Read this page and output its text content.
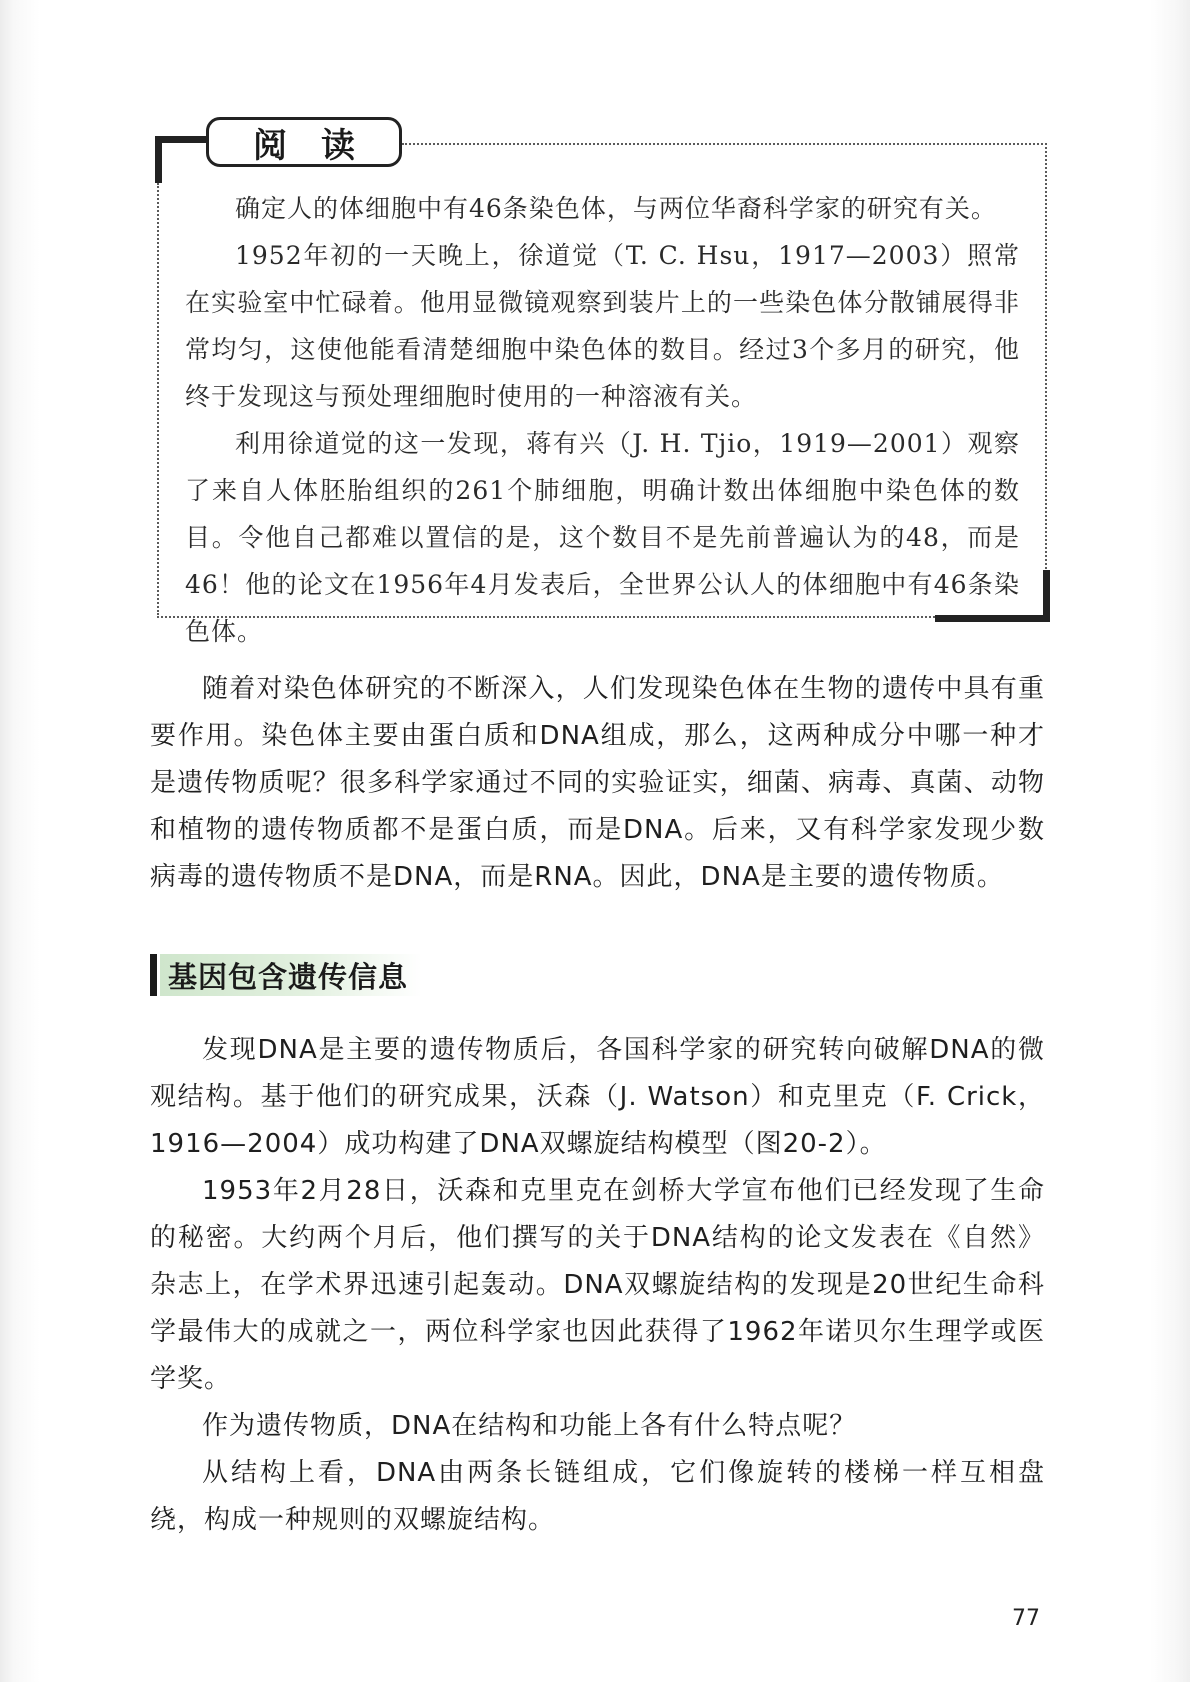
阅读

确定人的体细胞中有46条染色体，与两位华裔科学家的研究有关。

1952年初的一天晚上，徐道觉（T. C. Hsu，1917—2003）照常在实验室中忙碌着。他用显微镜观察到装片上的一些染色体分散铺展得非常均匀，这使他能看清楚细胞中染色体的数目。经过3个多月的研究，他终于发现这与预处理细胞时使用的一种溶液有关。

利用徐道觉的这一发现，蒋有兴（J. H. Tjio，1919—2001）观察了来自人体胚胎组织的261个肺细胞，明确计数出体细胞中染色体的数目。令他自己都难以置信的是，这个数目不是先前普遍认为的48，而是46！他的论文在1956年4月发表后，全世界公认人的体细胞中有46条染色体。

随着对染色体研究的不断深入，人们发现染色体在生物的遗传中具有重要作用。染色体主要由蛋白质和DNA组成，那么，这两种成分中哪一种才是遗传物质呢？很多科学家通过不同的实验证实，细菌、病毒、真菌、动物和植物的遗传物质都不是蛋白质，而是DNA。后来，又有科学家发现少数病毒的遗传物质不是DNA，而是RNA。因此，DNA是主要的遗传物质。

基因包含遗传信息

发现DNA是主要的遗传物质后，各国科学家的研究转向破解DNA的微观结构。基于他们的研究成果，沃森（J. Watson）和克里克（F. Crick，1916—2004）成功构建了DNA双螺旋结构模型（图20-2）。

1953年2月28日，沃森和克里克在剑桥大学宣布他们已经发现了生命的秘密。大约两个月后，他们撰写的关于DNA结构的论文发表在《自然》杂志上，在学术界迅速引起轰动。DNA双螺旋结构的发现是20世纪生命科学最伟大的成就之一，两位科学家也因此获得了1962年诺贝尔生理学或医学奖。

作为遗传物质，DNA在结构和功能上各有什么特点呢？

从结构上看，DNA由两条长链组成，它们像旋转的楼梯一样互相盘绕，构成一种规则的双螺旋结构。

77
